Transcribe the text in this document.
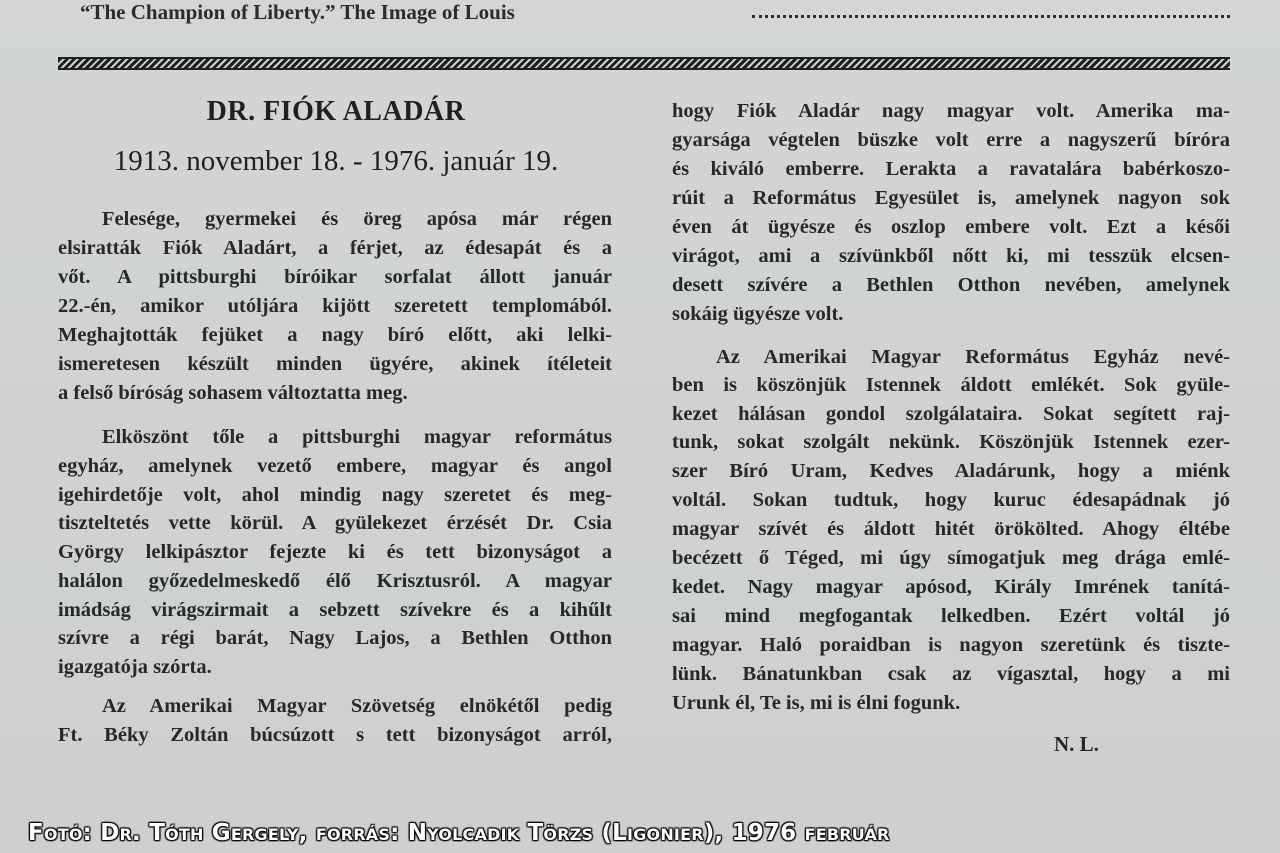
“The Champion of Liberty.” The Image of Louis
DR. FIÓK ALADÁR
1913. november 18. - 1976. január 19.
Felesége, gyermekei és öreg apósa már régen
elsiratták Fiók Aladárt, a férjet, az édesapát és a
vőt. A pittsburghi bíróikar sorfalat állott január
22.-én, amikor utóljára kijött szeretett templomából.
Meghajtották fejüket a nagy bíró előtt, aki lelki-
ismeretesen készült minden ügyére, akinek ítéleteit
a felső bíróság sohasem változtatta meg.
Elköszönt tőle a pittsburghi magyar református
egyház, amelynek vezető embere, magyar és angol
igehirdetője volt, ahol mindig nagy szeretet és meg-
tiszteltetés vette körül. A gyülekezet érzését Dr. Csia
György lelkipásztor fejezte ki és tett bizonyságot a
halálon győzedelmeskedő élő Krisztusról. A magyar
imádság virágszirmait a sebzett szívekre és a kihűlt
szívre a régi barát, Nagy Lajos, a Bethlen Otthon
igazgatója szórta.
Az Amerikai Magyar Szövetség elnökétől pedig
Ft. Béky Zoltán búcsúzott s tett bizonyságot arról,
hogy Fiók Aladár nagy magyar volt. Amerika ma-
gyarsága végtelen büszke volt erre a nagyszerű bíróra
és kiváló emberre. Lerakta a ravatalára babérkoszo-
rúit a Református Egyesület is, amelynek nagyon sok
éven át ügyésze és oszlop embere volt. Ezt a késői
virágot, ami a szívünkből nőtt ki, mi tesszük elcsen-
desett szívére a Bethlen Otthon nevében, amelynek
sokáig ügyésze volt.
Az Amerikai Magyar Református Egyház nevé-
ben is köszönjük Istennek áldott emlékét. Sok gyüle-
kezet hálásan gondol szolgálataira. Sokat segített raj-
tunk, sokat szolgált nekünk. Köszönjük Istennek ezer-
szer Bíró Uram, Kedves Aladárunk, hogy a miénk
voltál. Sokan tudtuk, hogy kuruc édesapádnak jó
magyar szívét és áldott hitét örökölted. Ahogy éltébe
becézett ő Téged, mi úgy símogatjuk meg drága emlé-
kedet. Nagy magyar apósod, Király Imrének tanítá-
sai mind megfogantak lelkedben. Ezért voltál jó
magyar. Haló poraidban is nagyon szeretünk és tiszte-
lünk. Bánatunkban csak az vígasztal, hogy a mi
Urunk él, Te is, mi is élni fogunk.
N. L.
Fotó: Dr. Tóth Gergely, forrás: Nyolcadik Törzs (Ligonier), 1976 február
